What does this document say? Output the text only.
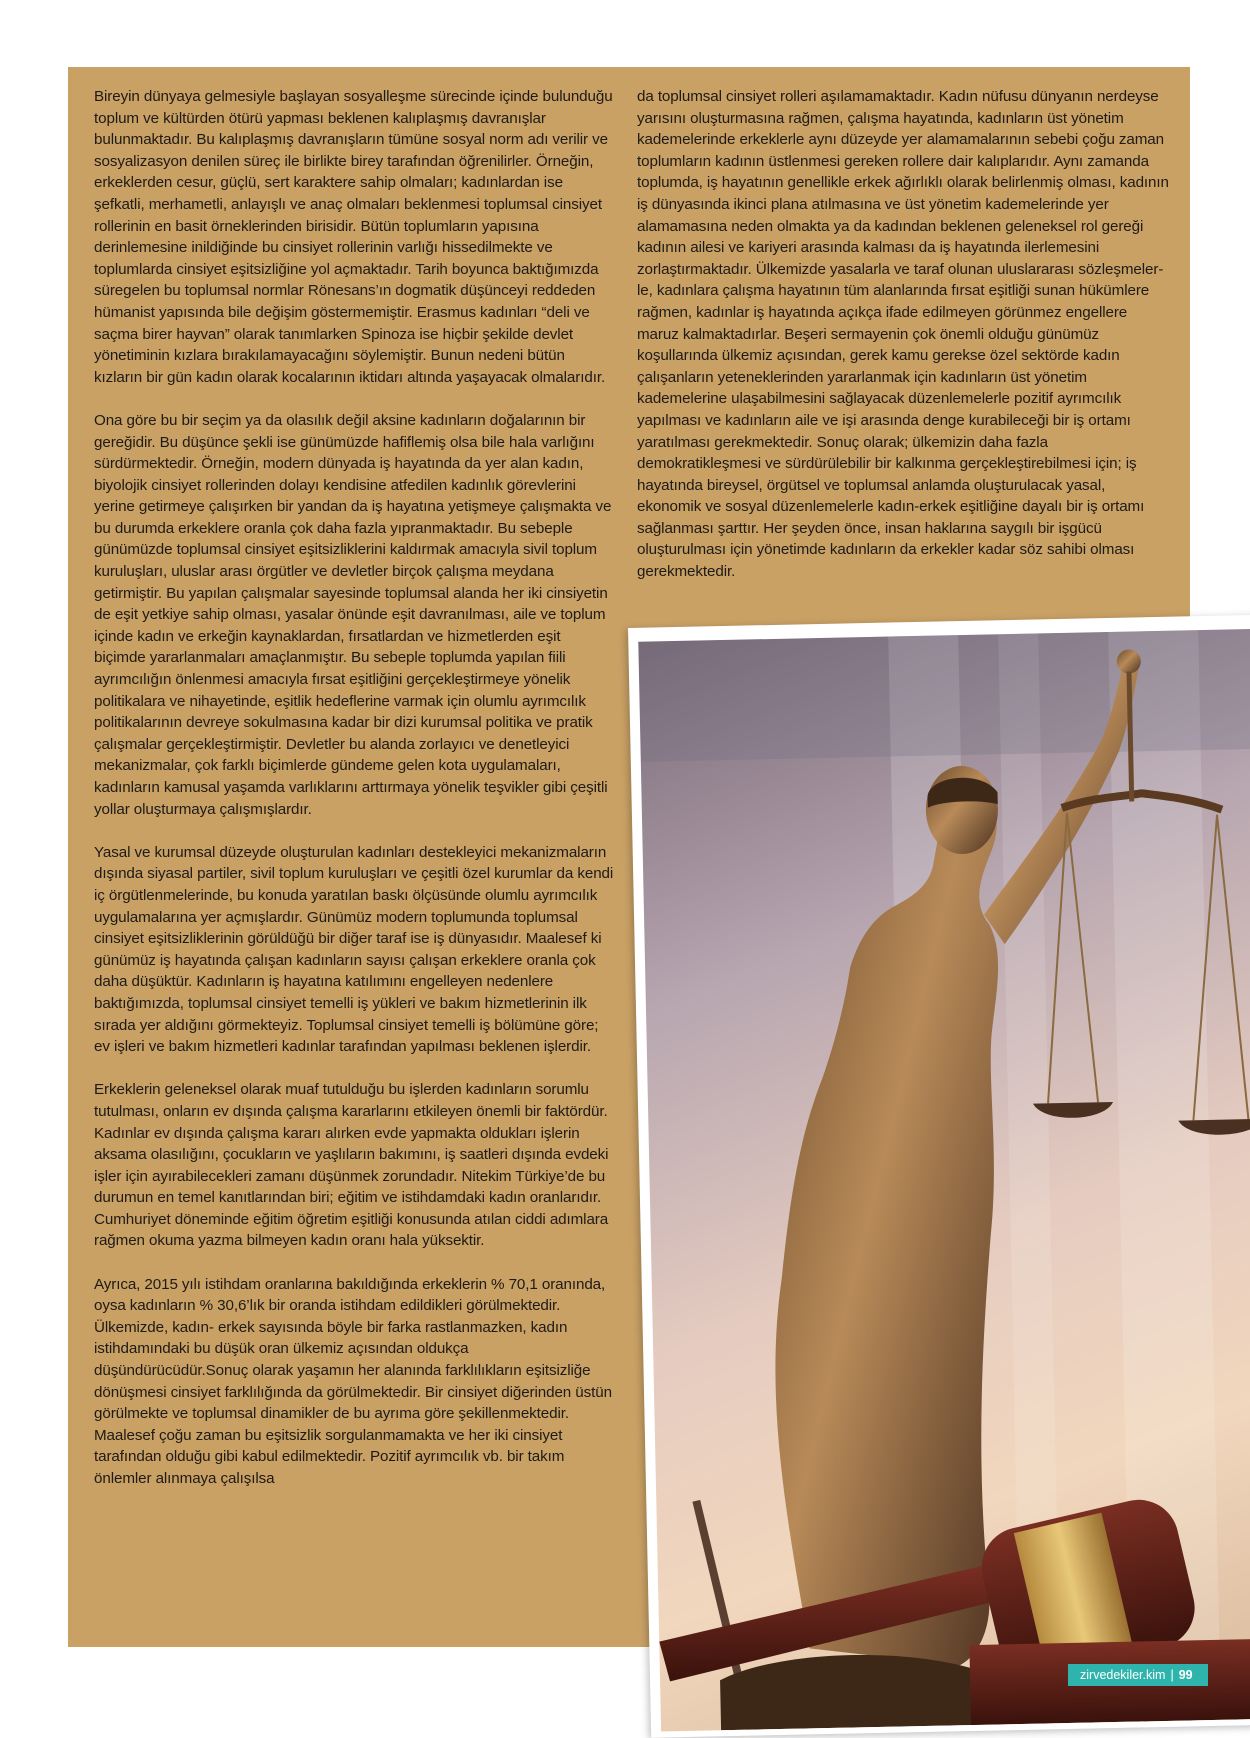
Bireyin dünyaya gelmesiyle başlayan sosyalleşme sürecinde içinde bulunduğu toplum ve kültürden ötürü yapması beklenen kalıplaşmış davranışlar bulunmaktadır. Bu kalıplaşmış davranışların tümüne sosyal norm adı verilir ve sosyalizasyon denilen süreç ile birlikte birey tarafından öğrenilirler. Örneğin, erkeklerden cesur, güçlü, sert karaktere sahip olmaları; kadınlardan ise şefkatli, merhametli, anlayışlı ve anaç olmaları beklenmesi toplumsal cinsiyet rollerinin en basit örneklerinden birisidir. Bütün toplumların yapısına derinlemesine inildiğinde bu cinsiyet rollerinin varlığı hissedilmekte ve toplumlarda cinsiyet eşitsizliğine yol açmaktadır. Tarih boyunca baktığımızda süregelen bu toplumsal normlar Rönesans’ın dogmatik düşünceyi reddeden hümanist yapısında bile değişim göstermemiştir. Erasmus kadınları “deli ve saçma birer hayvan” olarak tanımlarken Spinoza ise hiçbir şekilde devlet yönetiminin kızlara bırakılamayacağını söylemiştir. Bunun nedeni bütün kızların bir gün kadın olarak kocalarının iktidarı altında yaşayacak olmalarıdır.

Ona göre bu bir seçim ya da olasılık değil aksine kadınların doğalarının bir gereğidir. Bu düşünce şekli ise günümüzde hafiflemiş olsa bile hala varlığını sürdürmektedir. Örneğin, modern dünyada iş hayatında da yer alan kadın, biyolojik cinsiyet rollerinden dolayı kendisine atfedilen kadınlık görevlerini yerine getirmeye çalışırken bir yandan da iş hayatına yetişmeye çalışmakta ve bu durumda erkeklere oranla çok daha fazla yıpranmaktadır. Bu sebeple günümüzde toplumsal cinsiyet eşitsizliklerini kaldırmak amacıyla sivil toplum kuruluşları, uluslar arası örgütler ve devletler birçok çalışma meydana getirmiştir. Bu yapılan çalışmalar sayesinde toplumsal alanda her iki cinsiyetin de eşit yetkiye sahip olması, yasalar önünde eşit davranılması, aile ve toplum içinde kadın ve erkeğin kaynaklardan, fırsatlardan ve hizmetlerden eşit biçimde yararlanmaları amaçlanmıştır. Bu sebeple toplumda yapılan fiili ayrımcılığın önlenmesi amacıyla fırsat eşitliğini gerçekleştirmeye yönelik politikalara ve nihayetinde, eşitlik hedeflerine varmak için olumlu ayrımcılık politikalarının devreye sokulmasına kadar bir dizi kurumsal politika ve pratik çalışmalar gerçekleştirmiştir. Devletler bu alanda zorlayıcı ve denetleyici mekanizmalar, çok farklı biçimlerde gündeme gelen kota uygulamaları, kadınların kamusal yaşamda varlıklarını arttırmaya yönelik teşvikler gibi çeşitli yollar oluşturmaya çalışmışlardır.

Yasal ve kurumsal düzeyde oluşturulan kadınları destekleyici mekanizmaların dışında siyasal partiler, sivil toplum kuruluşları ve çeşitli özel kurumlar da kendi iç örgütlenmelerinde, bu konuda yaratılan baskı ölçüsünde olumlu ayrımcılık uygulamalarına yer açmışlardır. Günümüz modern toplumunda toplumsal cinsiyet eşitsizliklerinin görüldüğü bir diğer taraf ise iş dünyasıdır. Maalesef ki günümüz iş hayatında çalışan kadınların sayısı çalışan erkeklere oranla çok daha düşüktür. Kadınların iş hayatına katılımını engelleyen nedenlere baktığımızda, toplumsal cinsiyet temelli iş yükleri ve bakım hizmetlerinin ilk sırada yer aldığını görmekteyiz. Toplumsal cinsiyet temelli iş bölümüne göre; ev işleri ve bakım hizmetleri kadınlar tarafından yapılması beklenen işlerdir.

Erkeklerin geleneksel olarak muaf tutulduğu bu işlerden kadınların sorumlu tutulması, onların ev dışında çalışma kararlarını etkileyen önemli bir faktördür. Kadınlar ev dışında çalışma kararı alırken evde yapmakta oldukları işlerin aksama olasılığını, çocukların ve yaşlıların bakımını, iş saatleri dışında evdeki işler için ayırabilecekleri zamanı düşünmek zorundadır. Nitekim Türkiye’de bu durumun en temel kanıtlarından biri; eğitim ve istihdamdaki kadın oranlarıdır. Cumhuriyet döneminde eğitim öğretim eşitliği konusunda atılan ciddi adımlara rağmen okuma yazma bilmeyen kadın oranı hala yüksektir.

Ayrıca, 2015 yılı istihdam oranlarına bakıldığında erkeklerin % 70,1 oranında, oysa kadınların % 30,6’lık bir oranda istihdam edildikleri görülmektedir. Ülkemizde, kadın- erkek sayısında böyle bir farka rastlanmazken, kadın istihdamındaki bu düşük oran ülkemiz açısından oldukça düşündürücüdür.Sonuç olarak yaşamın her alanında farklılıkların eşitsizliğe dönüşmesi cinsiyet farklılığında da görülmektedir. Bir cinsiyet diğerinden üstün görülmekte ve toplumsal dinamikler de bu ayrıma göre şekillenmektedir. Maalesef çoğu zaman bu eşitsizlik sorgulanmamakta ve her iki cinsiyet tarafından olduğu gibi kabul edilmektedir. Pozitif ayrımcılık vb. bir takım önlemler alınmaya çalışılsa

da toplumsal cinsiyet rolleri aşılamamaktadır. Kadın nüfusu dünyanın nerdeyse yarısını oluşturmasına rağmen, çalışma hayatında, kadınların üst yönetim kademelerinde erkeklerle aynı düzeyde yer alamamalarının sebebi çoğu zaman toplumların kadının üstlenmesi gereken rollere dair kalıplarıdır. Aynı zamanda toplumda, iş hayatının genellikle erkek ağırlıklı olarak belirlenmiş olması, kadının iş dünyasında ikinci plana atılmasına ve üst yönetim kademelerinde yer alamamasına neden olmakta ya da kadından beklenen geleneksel rol gereği kadının ailesi ve kariyeri arasında kalması da iş hayatında ilerlemesini zorlaştırmaktadır. Ülkemizde yasalarla ve taraf olunan uluslararası sözleşmeler- le, kadınlara çalışma hayatının tüm alanlarında fırsat eşitliği sunan hükümlere rağmen, kadınlar iş hayatında açıkça ifade edilmeyen görünmez engellere maruz kalmaktadırlar. Beşeri sermayenin çok önemli olduğu günümüz koşullarında ülkemiz açısından, gerek kamu gerekse özel sektörde kadın çalışanların yeteneklerinden yararlanmak için kadınların üst yönetim kademelerine ulaşabilmesini sağlayacak düzenlemelerle pozitif ayrımcılık yapılması ve kadınların aile ve işi arasında denge kurabileceği bir iş ortamı yaratılması gerekmektedir. Sonuç olarak; ülkemizin daha fazla demokratikleşmesi ve sürdürülebilir bir kalkınma gerçekleştirebilmesi için; iş hayatında bireysel, örgütsel ve toplumsal anlamda oluşturulacak yasal, ekonomik ve sosyal düzenlemelerle kadın-erkek eşitliğine dayalı bir iş ortamı sağlanması şarttır. Her şeyden önce, insan haklarına saygılı bir işgücü oluşturulması için yönetimde kadınların da erkekler kadar söz sahibi olması gerekmektedir.

zirvedekiler.kim | 99
